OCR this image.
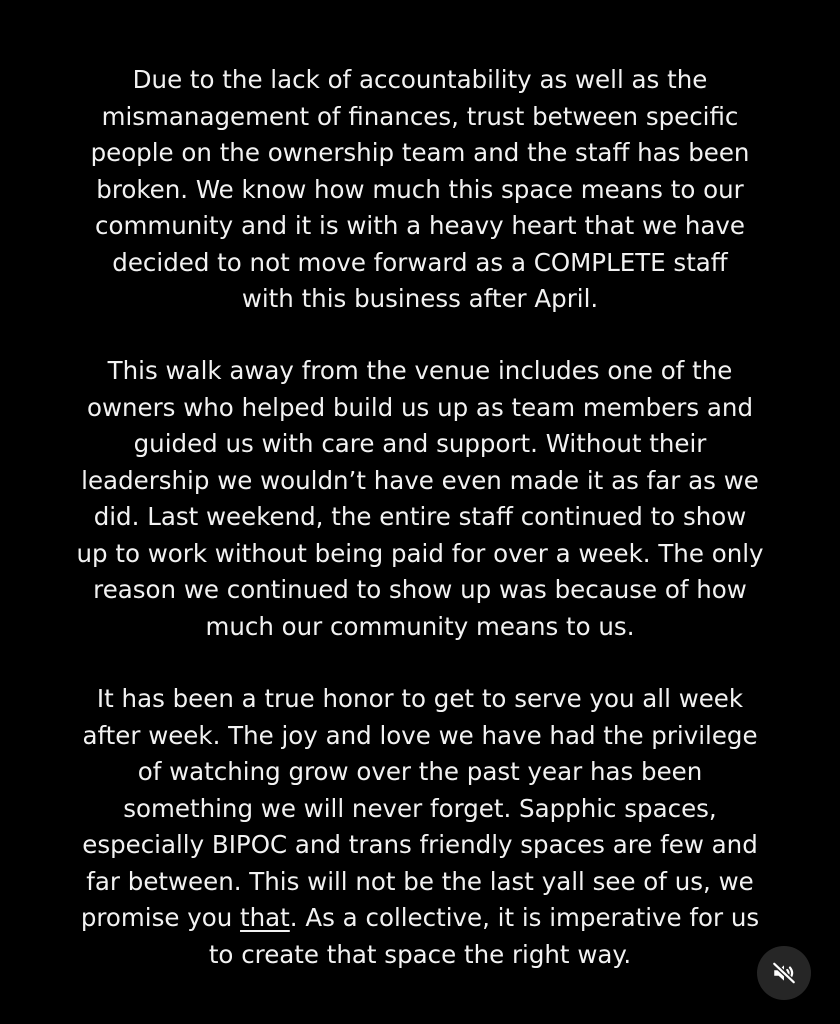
Due to the lack of accountability as well as the
mismanagement of finances, trust between specific
people on the ownership team and the staff has been
broken. We know how much this space means to our
community and it is with a heavy heart that we have
decided to not move forward as a COMPLETE staff
with this business after April.
This walk away from the venue includes one of the
owners who helped build us up as team members and
guided us with care and support. Without their
leadership we wouldn’t have even made it as far as we
did. Last weekend, the entire staff continued to show
up to work without being paid for over a week. The only
reason we continued to show up was because of how
much our community means to us.
It has been a true honor to get to serve you all week
after week. The joy and love we have had the privilege
of watching grow over the past year has been
something we will never forget. Sapphic spaces,
especially BIPOC and trans friendly spaces are few and
far between. This will not be the last yall see of us, we
promise you that. As a collective, it is imperative for us
to create that space the right way.
